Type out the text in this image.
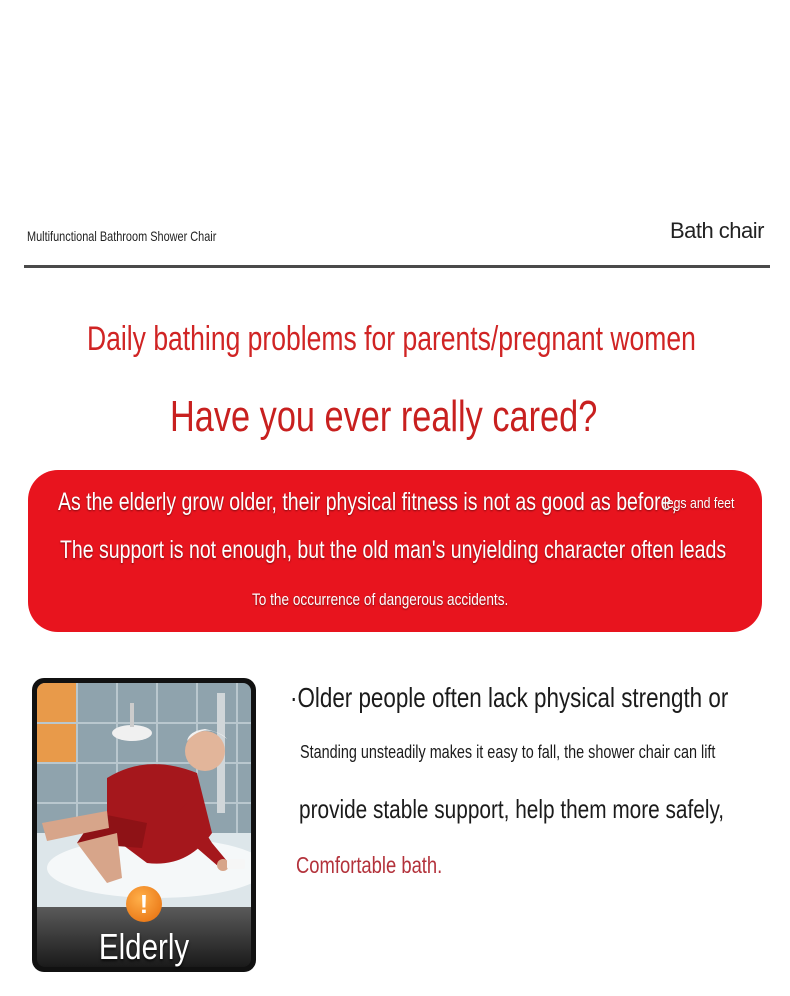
Multifunctional Bathroom Shower Chair	Bath chair
Daily bathing problems for parents/pregnant women
Have you ever really cared?
As the elderly grow older, their physical fitness is not as good as before,
legs and feet
The support is not enough, but the old man's unyielding character often leads
To the occurrence of dangerous accidents.
!
Elderly
·Older people often lack physical strength or
Standing unsteadily makes it easy to fall, the shower chair can lift
provide stable support, help them more safely,
Comfortable bath.
